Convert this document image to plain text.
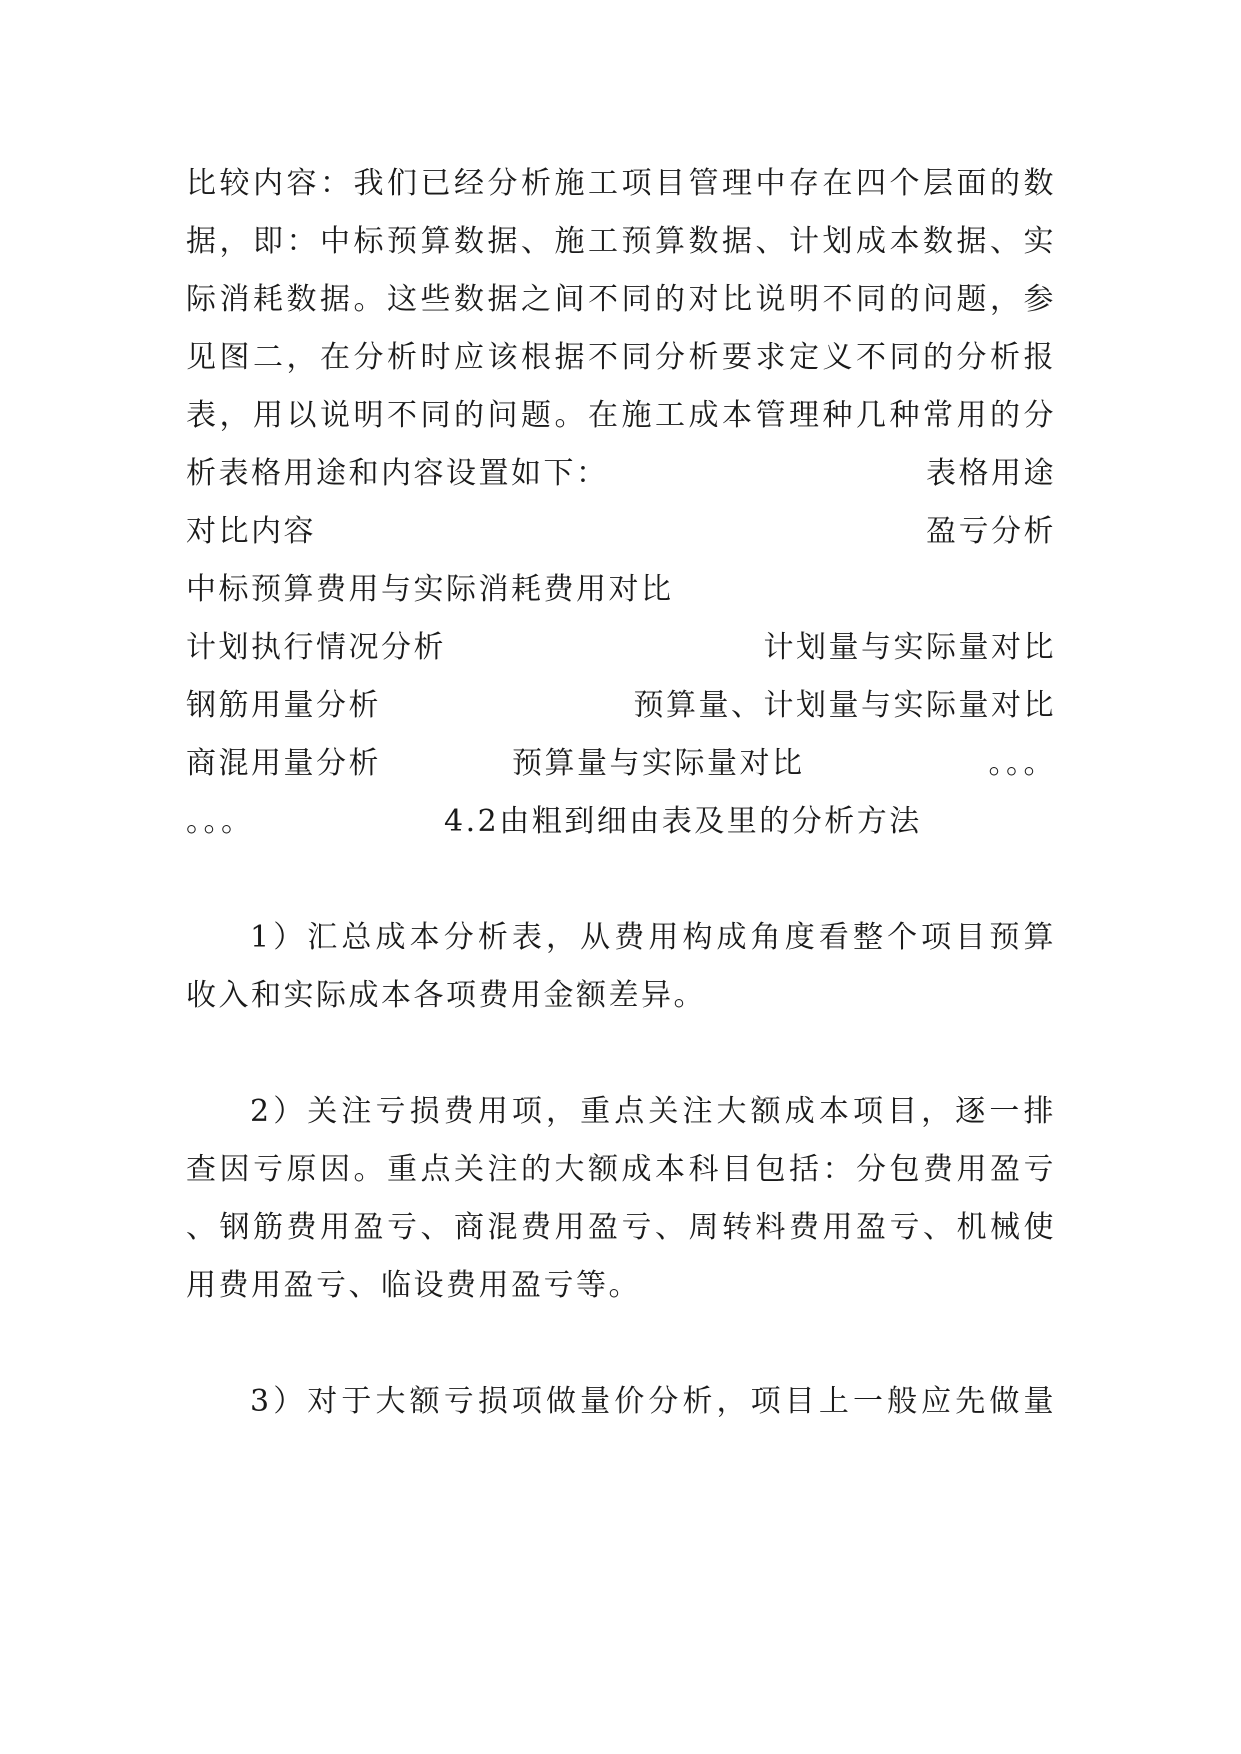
比较内容：我们已经分析施工项目管理中存在四个层面的数
据，即：中标预算数据、施工预算数据、计划成本数据、实
际消耗数据。这些数据之间不同的对比说明不同的问题，参
见图二，在分析时应该根据不同分析要求定义不同的分析报
表，用以说明不同的问题。在施工成本管理种几种常用的分
析表格用途和内容设置如下：	表格用途
对比内容	盈亏分析
中标预算费用与实际消耗费用对比
计划执行情况分析	计划量与实际量对比
钢筋用量分析	预算量、计划量与实际量对比
商混用量分析	预算量与实际量对比	。。。
。。。	4.2由粗到细由表及里的分析方法
1）汇总成本分析表，从费用构成角度看整个项目预算
收入和实际成本各项费用金额差异。
2）关注亏损费用项，重点关注大额成本项目，逐一排
查因亏原因。重点关注的大额成本科目包括：分包费用盈亏
、钢筋费用盈亏、商混费用盈亏、周转料费用盈亏、机械使
用费用盈亏、临设费用盈亏等。
3）对于大额亏损项做量价分析，项目上一般应先做量
